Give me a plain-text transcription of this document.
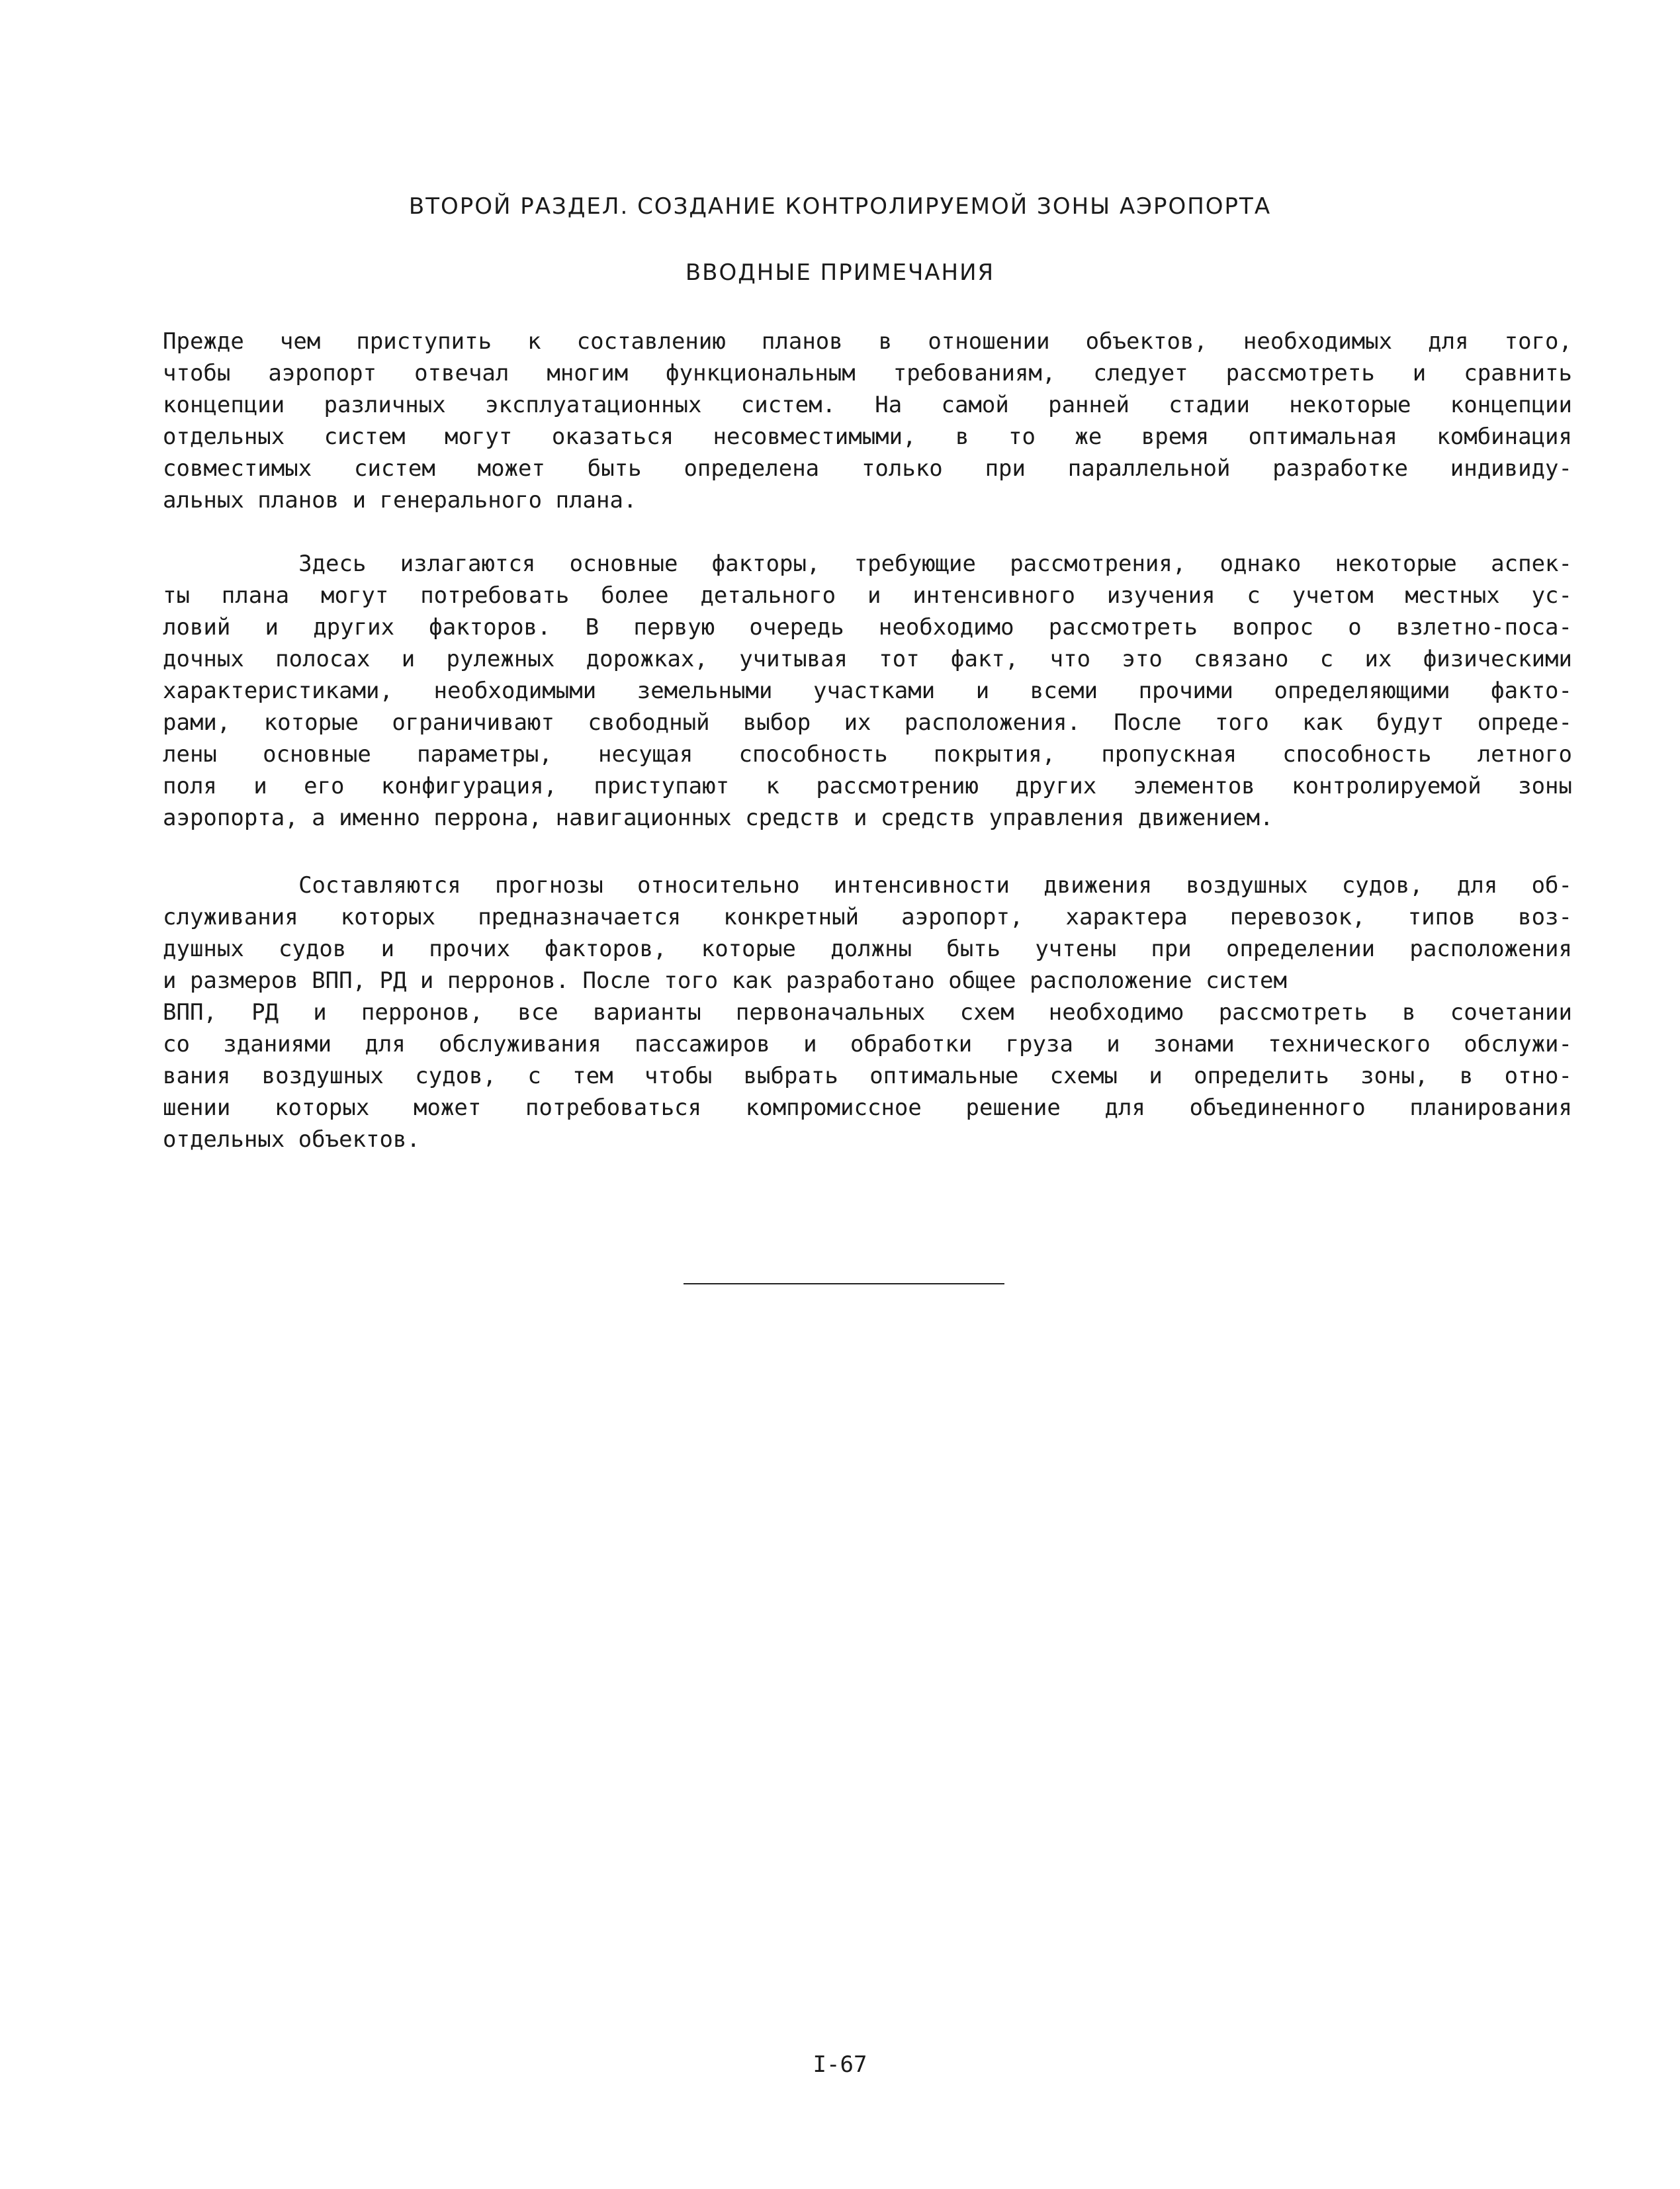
ВТОРОЙ РАЗДЕЛ. СОЗДАНИЕ КОНТРОЛИРУЕМОЙ ЗОНЫ АЭРОПОРТА
ВВОДНЫЕ ПРИМЕЧАНИЯ
Прежде чем приступить к составлению планов в отношении объектов, необходимых для того,
чтобы аэропорт отвечал многим функциональным требованиям, следует рассмотреть и сравнить
концепции различных эксплуатационных систем. На самой ранней стадии некоторые концепции
отдельных систем могут оказаться несовместимыми, в то же время оптимальная комбинация
совместимых систем может быть определена только при параллельной разработке индивиду-
альных планов и генерального плана.
Здесь излагаются основные факторы, требующие рассмотрения, однако некоторые аспек-
ты плана могут потребовать более детального и интенсивного изучения с учетом местных ус-
ловий и других факторов. В первую очередь необходимо рассмотреть вопрос о взлетно-поса-
дочных полосах и рулежных дорожках, учитывая тот факт, что это связано с их физическими
характеристиками, необходимыми земельными участками и всеми прочими определяющими факто-
рами, которые ограничивают свободный выбор их расположения. После того как будут опреде-
лены основные параметры, несущая способность покрытия, пропускная способность летного
поля и его конфигурация, приступают к рассмотрению других элементов контролируемой зоны
аэропорта, а именно перрона, навигационных средств и средств управления движением.
Составляются прогнозы относительно интенсивности движения воздушных судов, для об-
служивания которых предназначается конкретный аэропорт, характера перевозок, типов воз-
душных судов и прочих факторов, которые должны быть учтены при определении расположения
и размеров ВПП, РД и перронов. После того как разработано общее расположение систем
ВПП, РД и перронов, все варианты первоначальных схем необходимо рассмотреть в сочетании
со зданиями для обслуживания пассажиров и обработки груза и зонами технического обслужи-
вания воздушных судов, с тем чтобы выбрать оптимальные схемы и определить зоны, в отно-
шении которых может потребоваться компромиссное решение для объединенного планирования
отдельных объектов.
I-67
